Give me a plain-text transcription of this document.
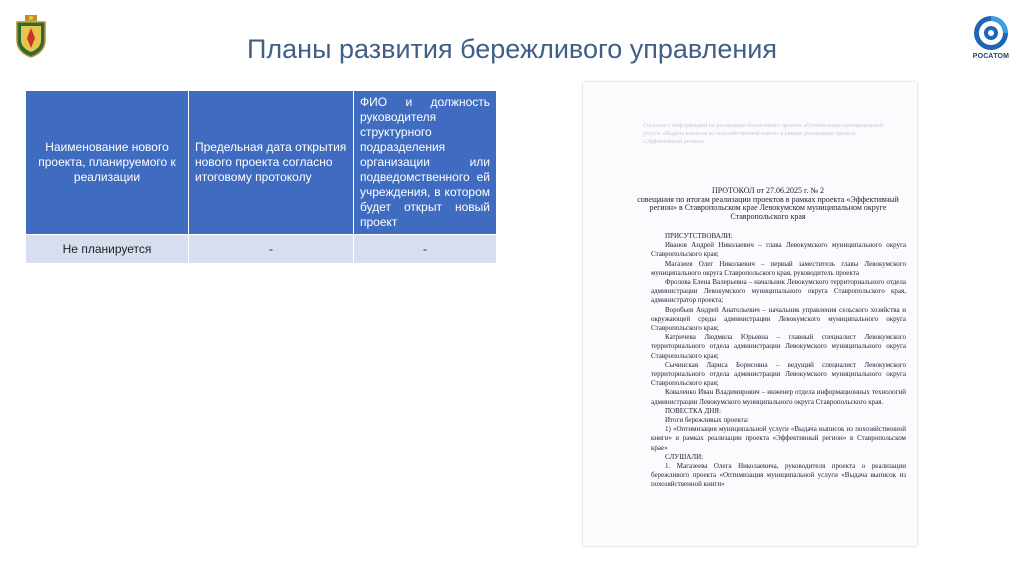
Планы развития бережливого управления	РОСАТОМ
Наименование нового проекта, планируемого к реализации	Предельная дата открытия нового проекта согласно итоговому протоколу	ФИО и должность руководителя структурного подразделения организации или подведомственного ей учреждения, в котором будет открыт новый проект
Не планируется	-	-
Согласно с информацией по реализации бережливого проекта «Оптимизация муниципальной услуги «Выдача выписок из похозяйственной книги» в рамках реализации проекта «Эффективный регион»
ПРОТОКОЛ от 27.06.2025 г. № 2
совещания по итогам реализации проектов в рамках проекта «Эффективный регион» в Ставропольском крае Левокумском муниципальном округе Ставропольского края

ПРИСУТСТВОВАЛИ:

Иванов Андрей Николаевич – глава Левокумского муниципального округа Ставропольского края;

Магазеев Олег Николаевич – первый заместитель главы Левокумского муниципального округа Ставропольского края, руководитель проекта

Фролова Елена Валерьевна – начальник Левокумского территориального отдела администрации Левокумского муниципального округа Ставропольского края, администратор проекта;

Воробьев Андрей Анатольевич – начальник управления сельского хозяйства и окружающей среды администрации Левокумского муниципального округа Ставропольского края;

Катричева Людмила Юрьевна – главный специалист Левокумского территориального отдела администрации Левокумского муниципального округа Ставропольского края;

Сычинская Лариса Борисовна – ведущий специалист Левокумского территориального отдела администрации Левокумского муниципального округа Ставропольского края;

Коваленко Иван Владимирович – инженер отдела информационных технологий администрации Левокумского муниципального округа Ставропольского края.

ПОВЕСТКА ДНЯ:

Итоги бережливых проекта:

1) «Оптимизация муниципальной услуги «Выдача выписок из похозяйственной книги» в рамках реализации проекта «Эффективный регион» в Ставропольском крае»

СЛУШАЛИ:

1. Магазеева Олега Николаевича, руководителя проекта о реализации бережливого проекта «Оптимизация муниципальной услуги «Выдача выписок из похозяйственной книги»
